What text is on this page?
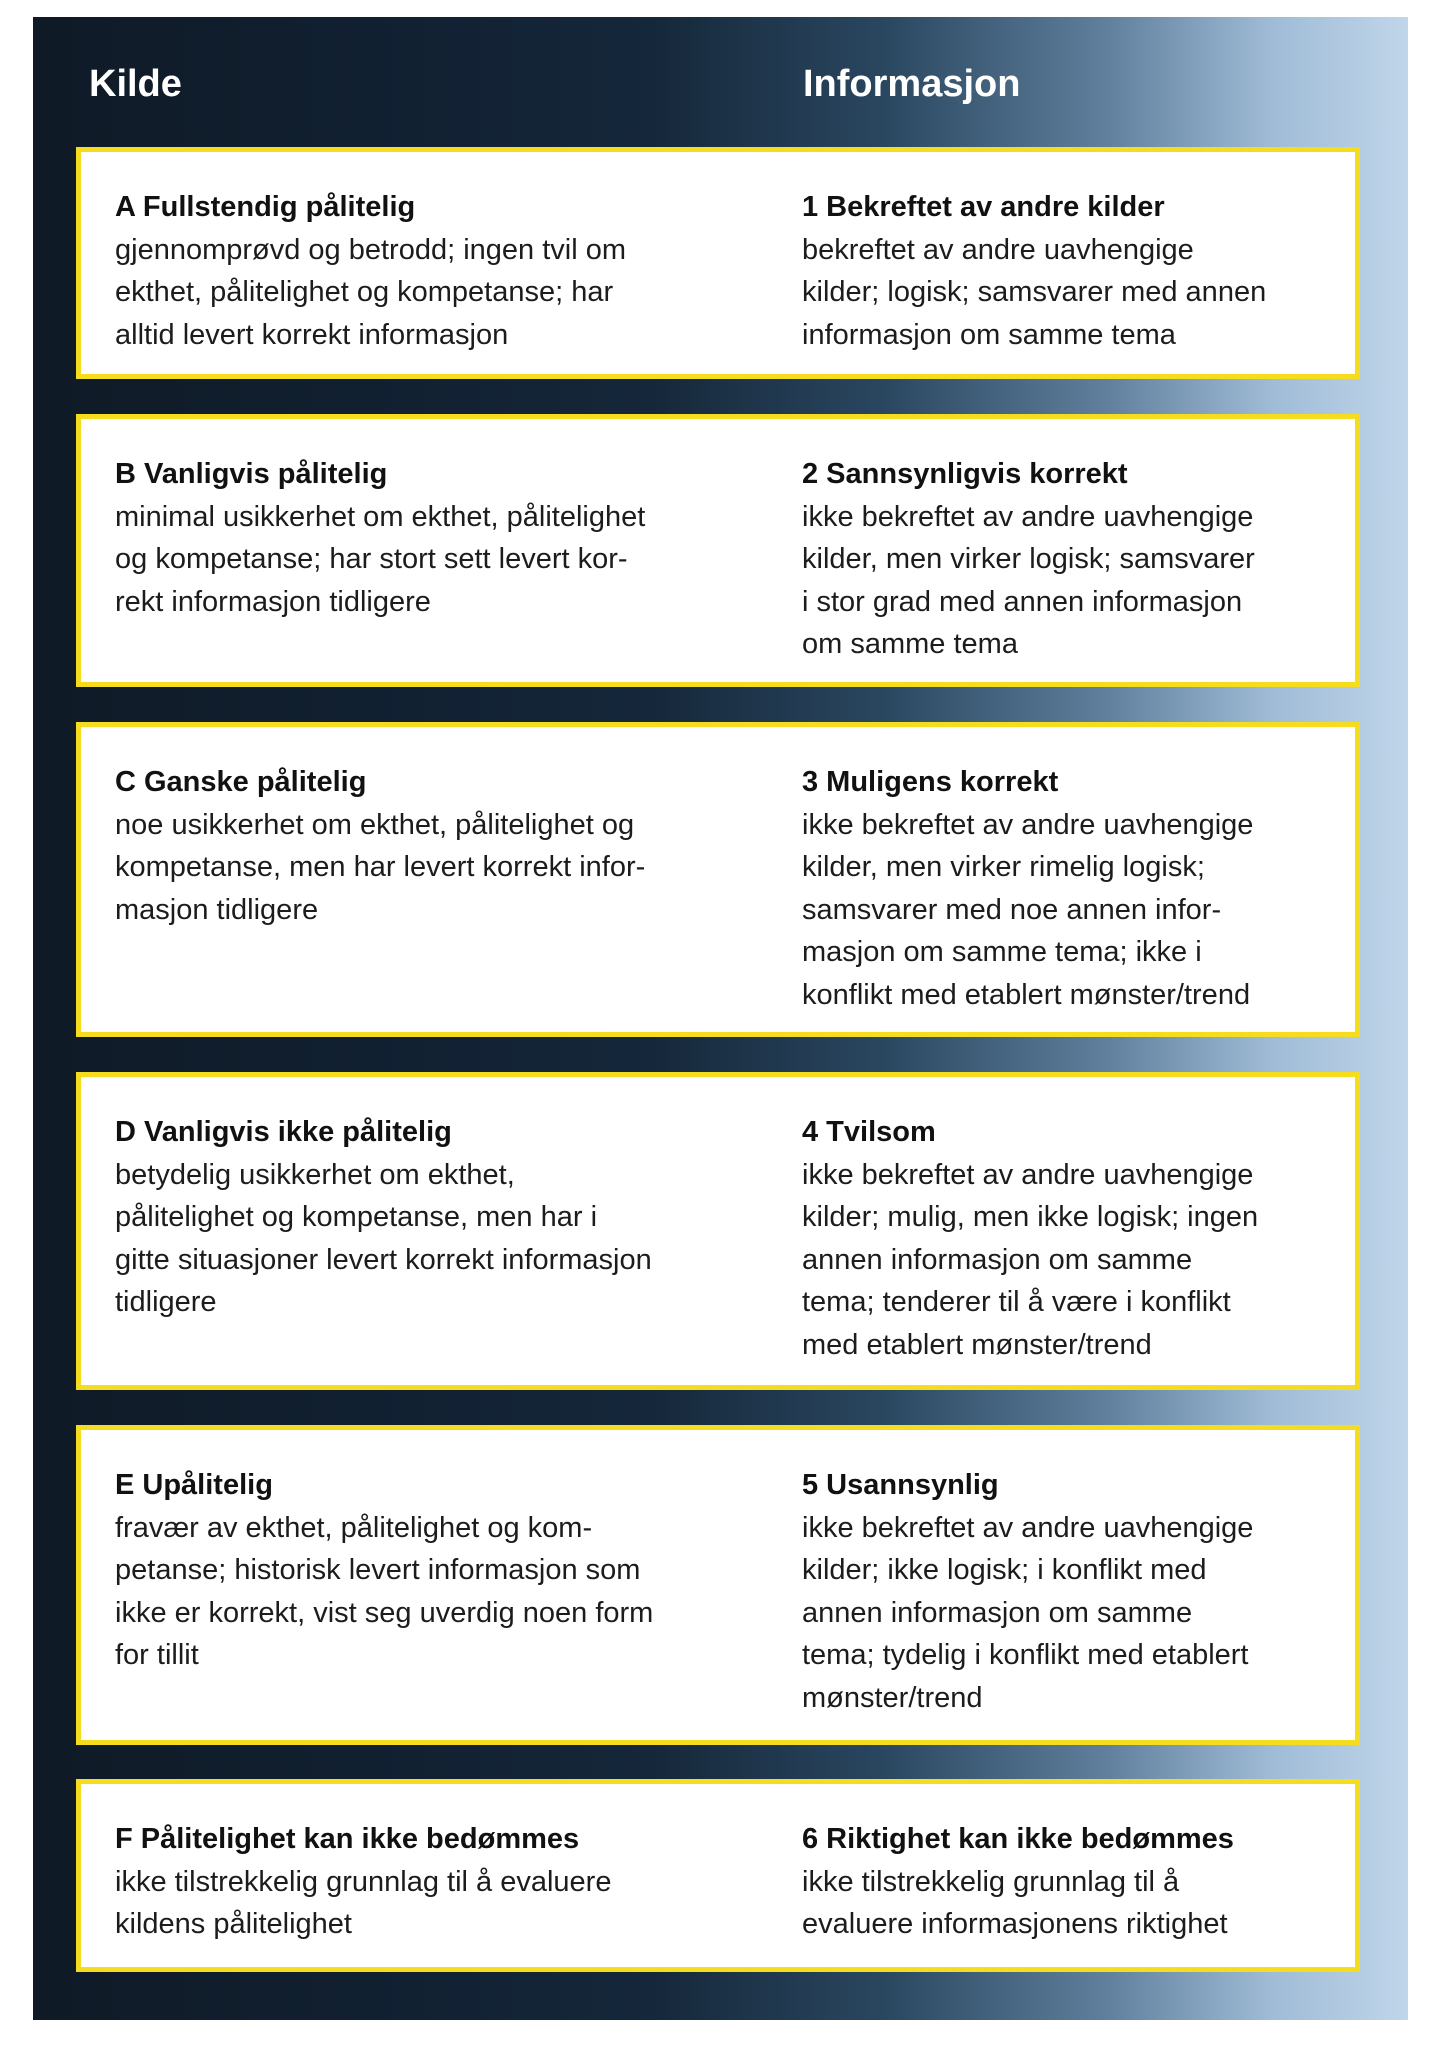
Kilde	Informasjon
A Fullstendig pålitelig
gjennomprøvd og betrodd; ingen tvil om
ekthet, pålitelighet og kompetanse; har
alltid levert korrekt informasjon
1 Bekreftet av andre kilder
bekreftet av andre uavhengige
kilder; logisk; samsvarer med annen
informasjon om samme tema
B Vanligvis pålitelig
minimal usikkerhet om ekthet, pålitelighet
og kompetanse; har stort sett levert kor-
rekt informasjon tidligere
2 Sannsynligvis korrekt
ikke bekreftet av andre uavhengige
kilder, men virker logisk; samsvarer
i stor grad med annen informasjon
om samme tema
C Ganske pålitelig
noe usikkerhet om ekthet, pålitelighet og
kompetanse, men har levert korrekt infor-
masjon tidligere
3 Muligens korrekt
ikke bekreftet av andre uavhengige
kilder, men virker rimelig logisk;
samsvarer med noe annen infor-
masjon om samme tema; ikke i
konflikt med etablert mønster/trend
D Vanligvis ikke pålitelig
betydelig usikkerhet om ekthet,
pålitelighet og kompetanse, men har i
gitte situasjoner levert korrekt informasjon
tidligere
4 Tvilsom
ikke bekreftet av andre uavhengige
kilder; mulig, men ikke logisk; ingen
annen informasjon om samme
tema; tenderer til å være i konflikt
med etablert mønster/trend
E Upålitelig
fravær av ekthet, pålitelighet og kom-
petanse; historisk levert informasjon som
ikke er korrekt, vist seg uverdig noen form
for tillit
5 Usannsynlig
ikke bekreftet av andre uavhengige
kilder; ikke logisk; i konflikt med
annen informasjon om samme
tema; tydelig i konflikt med etablert
mønster/trend
F Pålitelighet kan ikke bedømmes
ikke tilstrekkelig grunnlag til å evaluere
kildens pålitelighet
6 Riktighet kan ikke bedømmes
ikke tilstrekkelig grunnlag til å
evaluere informasjonens riktighet
